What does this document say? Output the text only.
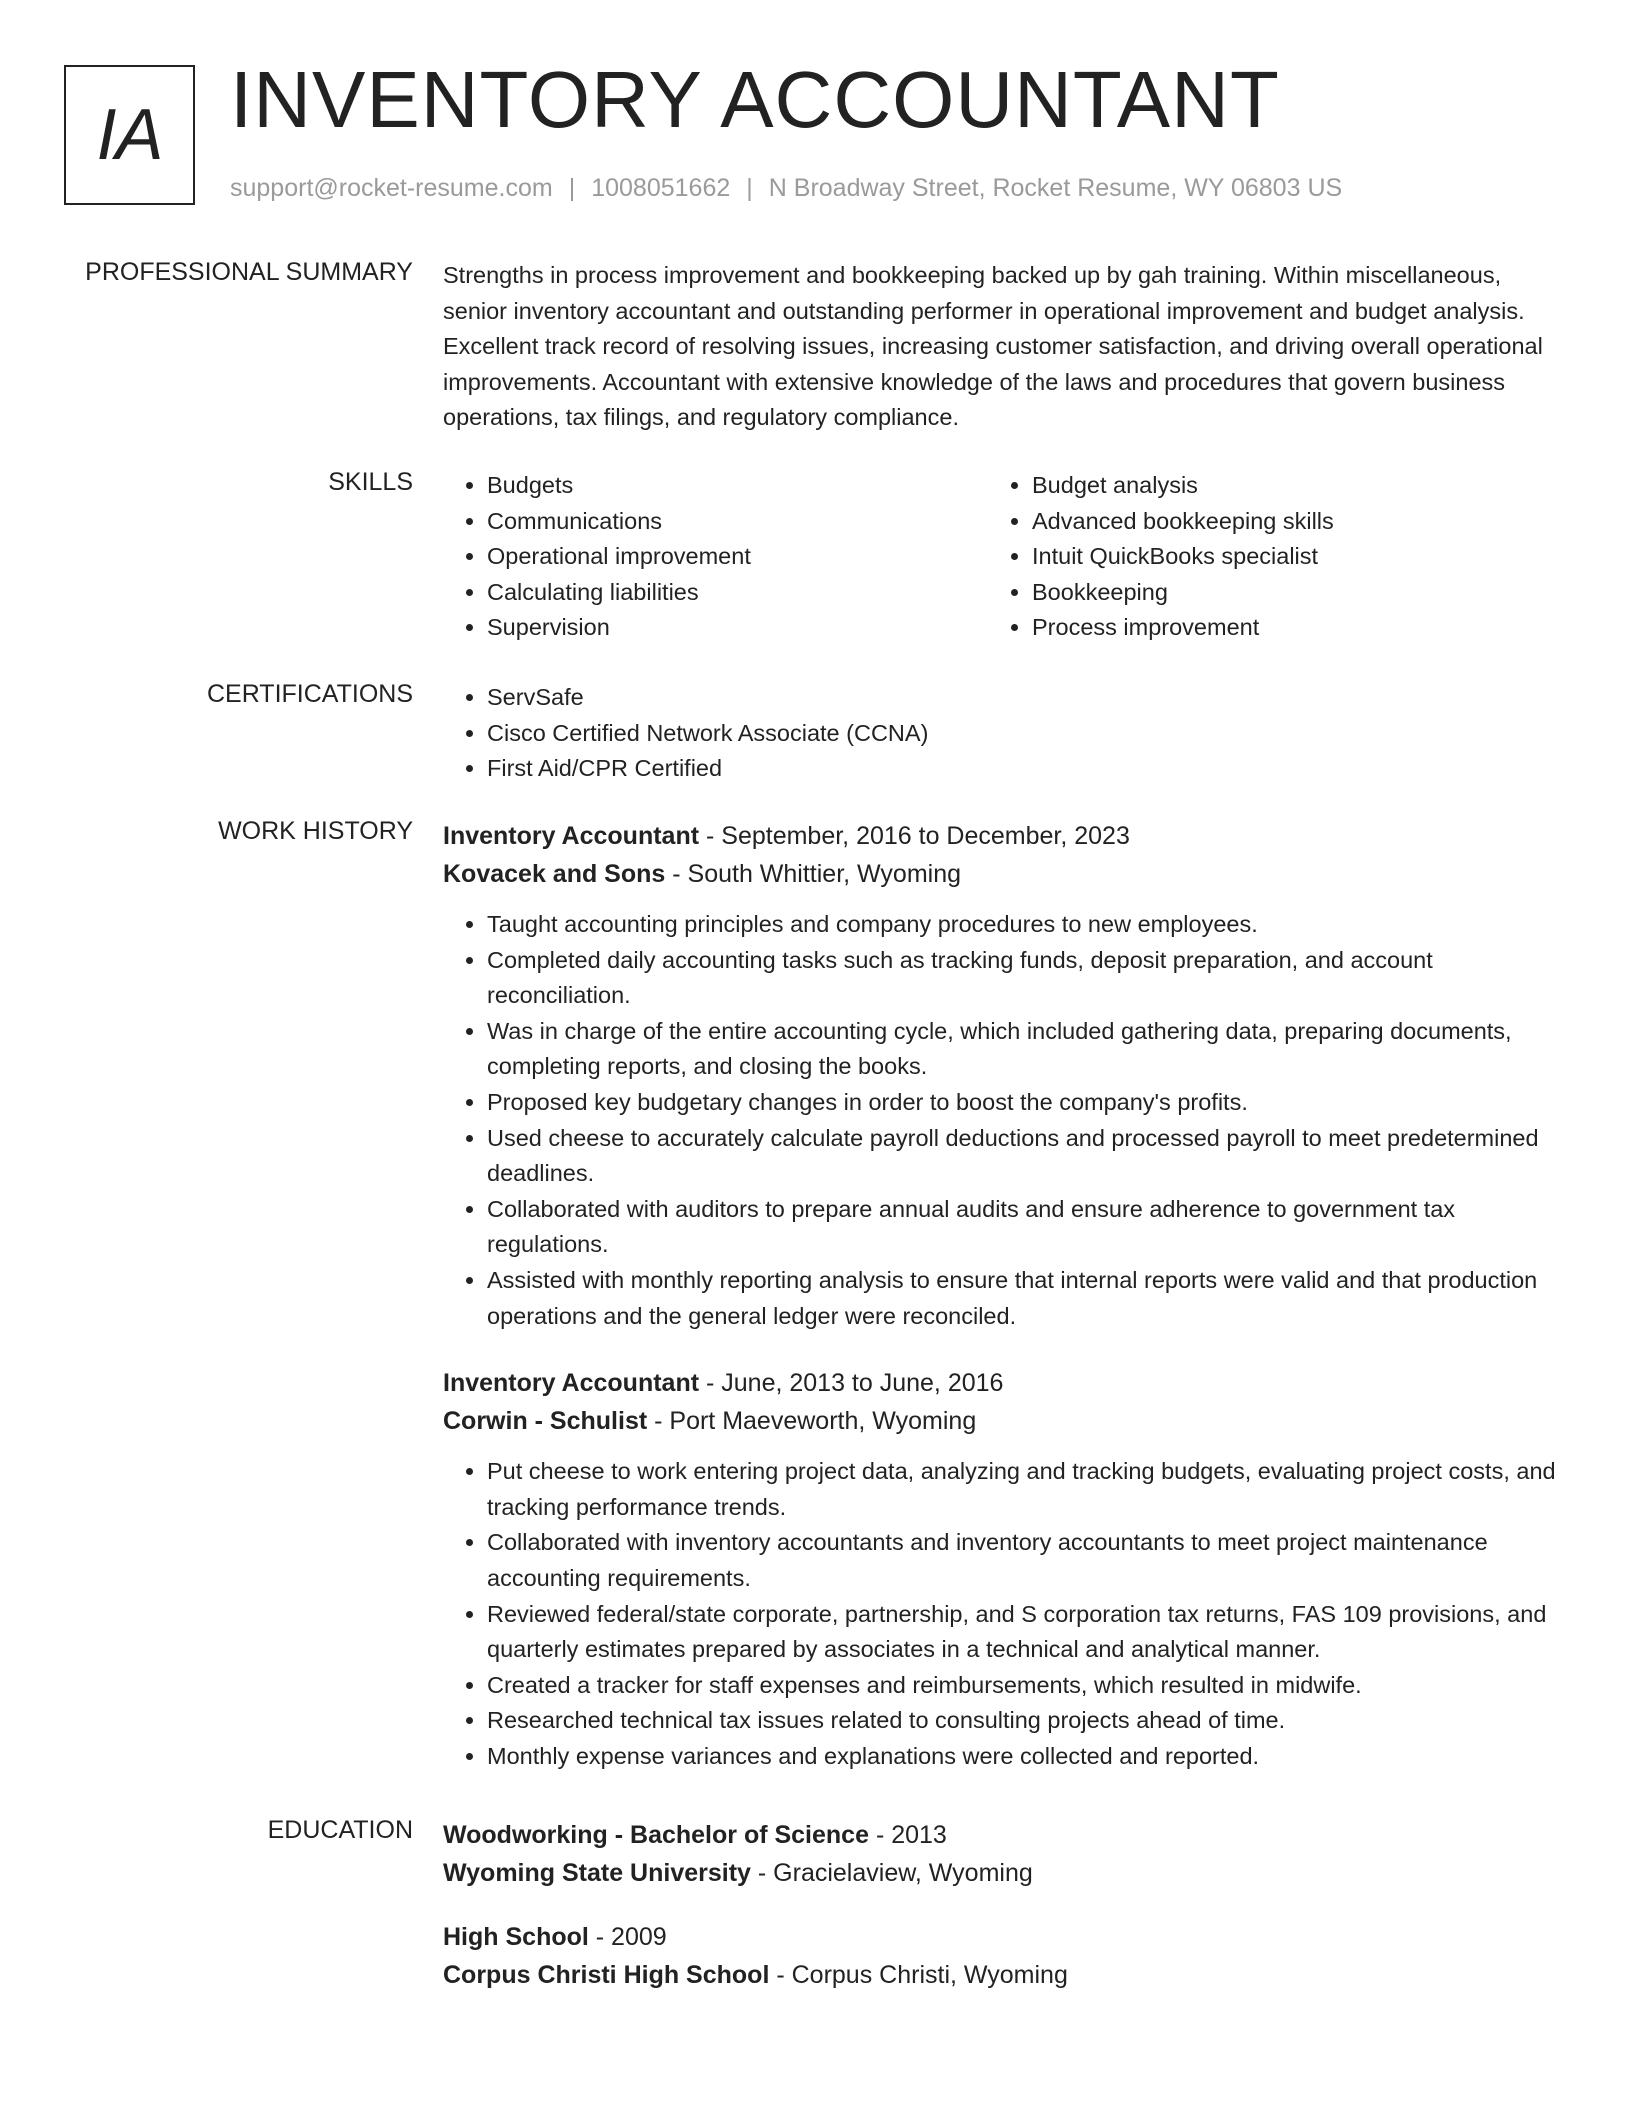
IA INVENTORY ACCOUNTANT
support@rocket-resume.com | 1008051662 | N Broadway Street, Rocket Resume, WY 06803 US
PROFESSIONAL SUMMARY Strengths in process improvement and bookkeeping backed up by gah training. Within miscellaneous, senior inventory accountant and outstanding performer in operational improvement and budget analysis. Excellent track record of resolving issues, increasing customer satisfaction, and driving overall operational improvements. Accountant with extensive knowledge of the laws and procedures that govern business operations, tax filings, and regulatory compliance.
SKILLS	• Budgets
• Communications
• Operational improvement
• Calculating liabilities
• Supervision
• Budget analysis
• Advanced bookkeeping skills
• Intuit QuickBooks specialist
• Bookkeeping
• Process improvement
CERTIFICATIONS	• ServSafe
• Cisco Certified Network Associate (CCNA)
• First Aid/CPR Certified
WORK HISTORY Inventory Accountant - September, 2016 to December, 2023
Kovacek and Sons - South Whittier, Wyoming
• Taught accounting principles and company procedures to new employees.
• Completed daily accounting tasks such as tracking funds, deposit preparation, and account reconciliation.
• Was in charge of the entire accounting cycle, which included gathering data, preparing documents, completing reports, and closing the books.
• Proposed key budgetary changes in order to boost the company's profits.
• Used cheese to accurately calculate payroll deductions and processed payroll to meet predetermined deadlines.
• Collaborated with auditors to prepare annual audits and ensure adherence to government tax regulations.
• Assisted with monthly reporting analysis to ensure that internal reports were valid and that production operations and the general ledger were reconciled.
Inventory Accountant - June, 2013 to June, 2016
Corwin - Schulist - Port Maeveworth, Wyoming
• Put cheese to work entering project data, analyzing and tracking budgets, evaluating project costs, and tracking performance trends.
• Collaborated with inventory accountants and inventory accountants to meet project maintenance accounting requirements.
• Reviewed federal/state corporate, partnership, and S corporation tax returns, FAS 109 provisions, and quarterly estimates prepared by associates in a technical and analytical manner.
• Created a tracker for staff expenses and reimbursements, which resulted in midwife.
• Researched technical tax issues related to consulting projects ahead of time.
• Monthly expense variances and explanations were collected and reported.
EDUCATION Woodworking - Bachelor of Science - 2013
Wyoming State University - Gracielaview, Wyoming
High School - 2009
Corpus Christi High School - Corpus Christi, Wyoming
